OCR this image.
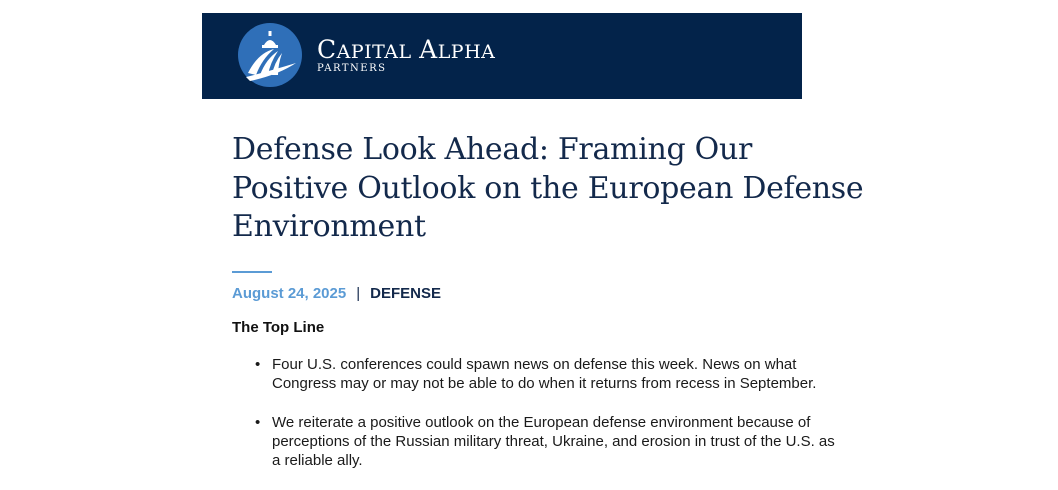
CAPITAL ALPHA
PARTNERS
Defense Look Ahead: Framing Our Positive Outlook on the European Defense Environment
August 24, 2025 | DEFENSE
The Top Line
• Four U.S. conferences could spawn news on defense this week. News on what Congress may or may not be able to do when it returns from recess in September.
• We reiterate a positive outlook on the European defense environment because of perceptions of the Russian military threat, Ukraine, and erosion in trust of the U.S. as a reliable ally.
